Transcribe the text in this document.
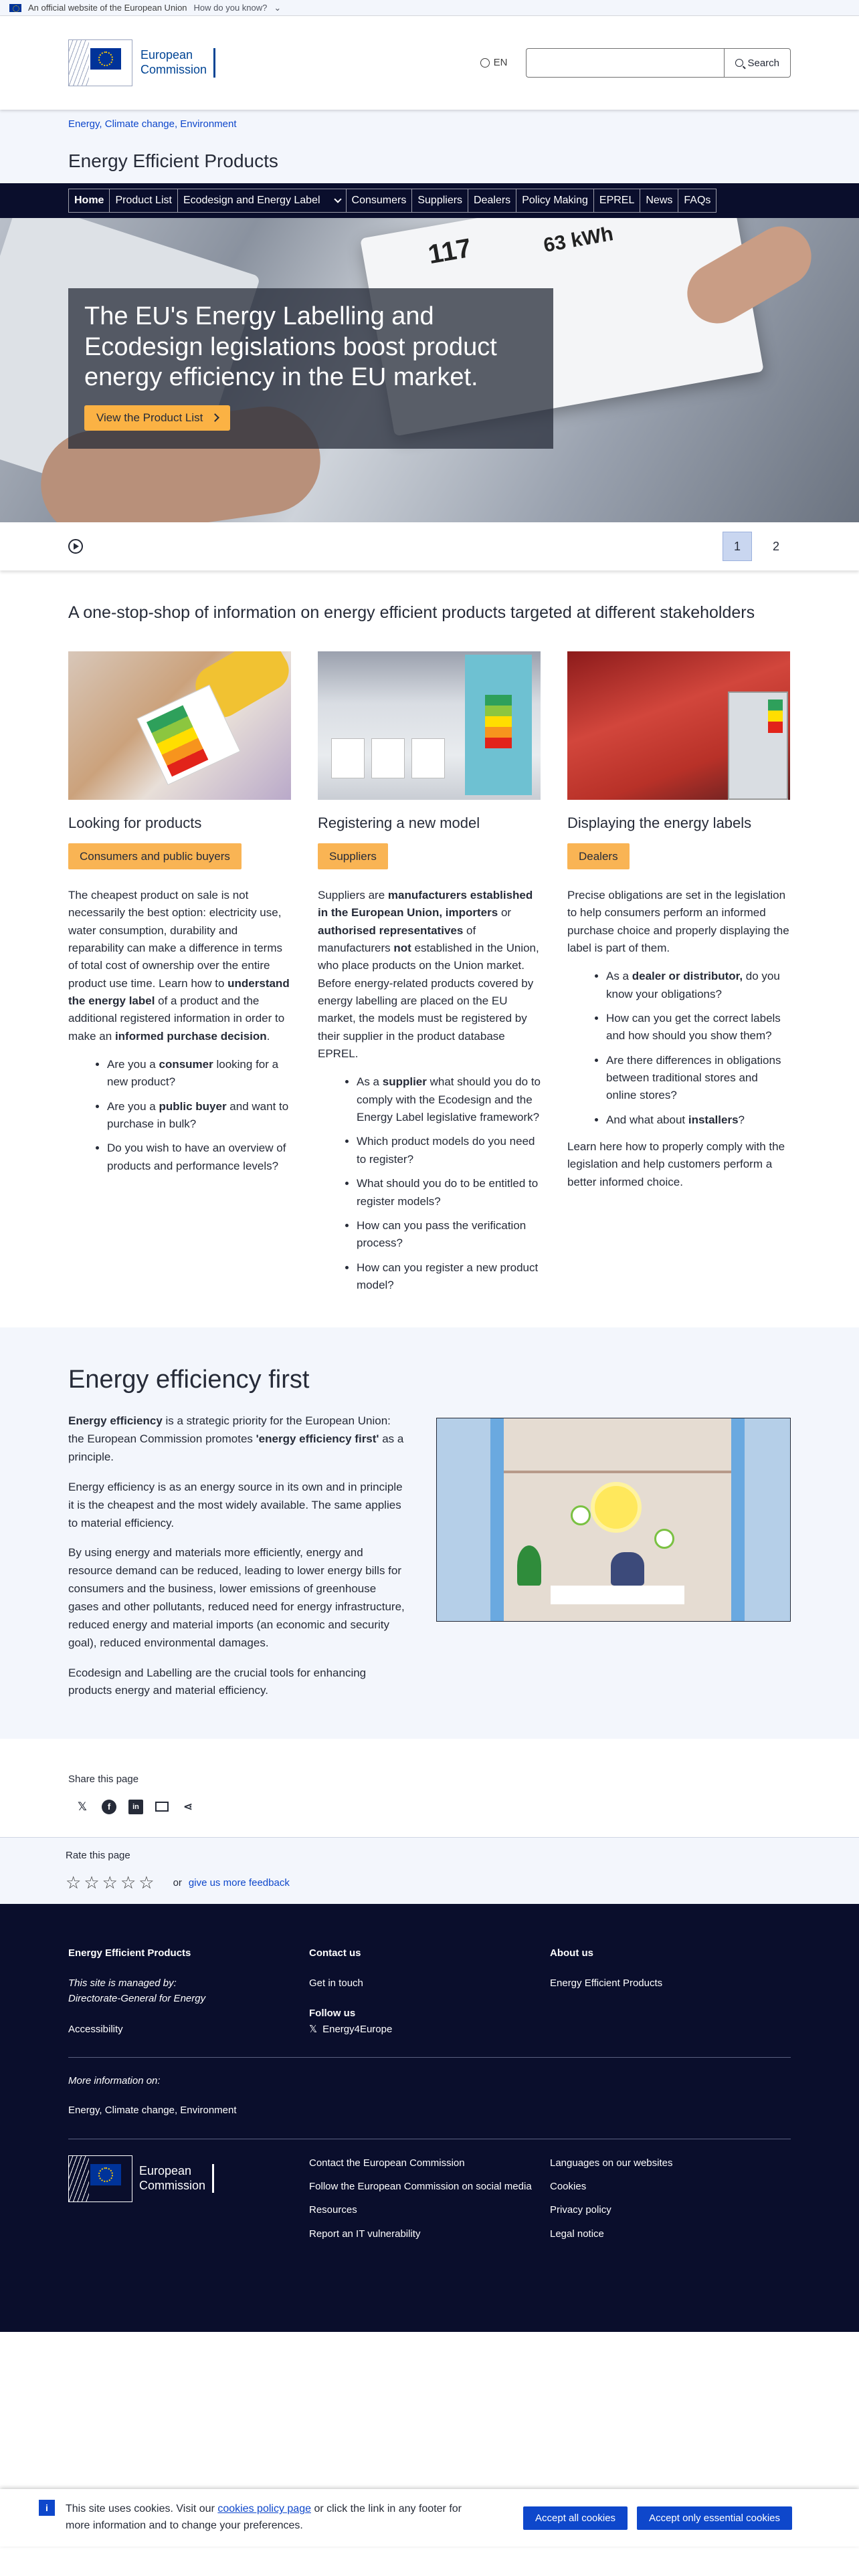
An official website of the European Union How do you know? ⌄
European
Commission
EN	Search
Energy, Climate change, Environment
Energy Efficient Products
Home	Product List	Ecodesign and Energy Label	Consumers	Suppliers	Dealers	Policy Making	EPREL	News	FAQs
117	63 kWh
The EU's Energy Labelling and Ecodesign legislations boost product energy efficiency in the EU market.
View the Product List
1	2
A one-stop-shop of information on energy efficient products targeted at different stakeholders
Looking for products
Consumers and public buyers
The cheapest product on sale is not necessarily the best option: electricity use, water consumption, durability and reparability can make a difference in terms of total cost of ownership over the entire product use time. Learn how to understand the energy label of a product and the additional registered information in order to make an informed purchase decision.
• Are you a consumer looking for a new product?
• Are you a public buyer and want to purchase in bulk?
• Do you wish to have an overview of products and performance levels?
Registering a new model
Suppliers
Suppliers are manufacturers established in the European Union, importers or authorised representatives of manufacturers not established in the Union, who place products on the Union market. Before energy-related products covered by energy labelling are placed on the EU market, the models must be registered by their supplier in the product database EPREL.
• As a supplier what should you do to comply with the Ecodesign and the Energy Label legislative framework?
• Which product models do you need to register?
• What should you do to be entitled to register models?
• How can you pass the verification process?
• How can you register a new product model?
Displaying the energy labels
Dealers
Precise obligations are set in the legislation to help consumers perform an informed purchase choice and properly displaying the label is part of them.
• As a dealer or distributor, do you know your obligations?
• How can you get the correct labels and how should you show them?
• Are there differences in obligations between traditional stores and online stores?
• And what about installers?
Learn here how to properly comply with the legislation and help customers perform a better informed choice.
Energy efficiency first

Energy efficiency is a strategic priority for the European Union: the European Commission promotes 'energy efficiency first' as a principle.

Energy efficiency is as an energy source in its own and in principle it is the cheapest and the most widely available. The same applies to material efficiency.

By using energy and materials more efficiently, energy and resource demand can be reduced, leading to lower energy bills for consumers and the business, lower emissions of greenhouse gases and other pollutants, reduced need for energy infrastructure, reduced energy and material imports (an economic and security goal), reduced environmental damages.

Ecodesign and Labelling are the crucial tools for enhancing products energy and material efficiency.

Share this page
𝕏	f	in	⋖
Rate this page
☆ ☆ ☆ ☆ ☆ or give us more feedback
Energy Efficient Products
This site is managed by:
Directorate-General for Energy
Accessibility
Contact us
Get in touch
Follow us
𝕏 Energy4Europe
About us
Energy Efficient Products
More information on:
Energy, Climate change, Environment
European
Commission
Contact the European Commission
Follow the European Commission on social media
Resources
Report an IT vulnerability
Languages on our websites
Cookies
Privacy policy
Legal notice
i	This site uses cookies. Visit our cookies policy page or click the link in any footer for more information and to change your preferences.
Accept all cookies	Accept only essential cookies
